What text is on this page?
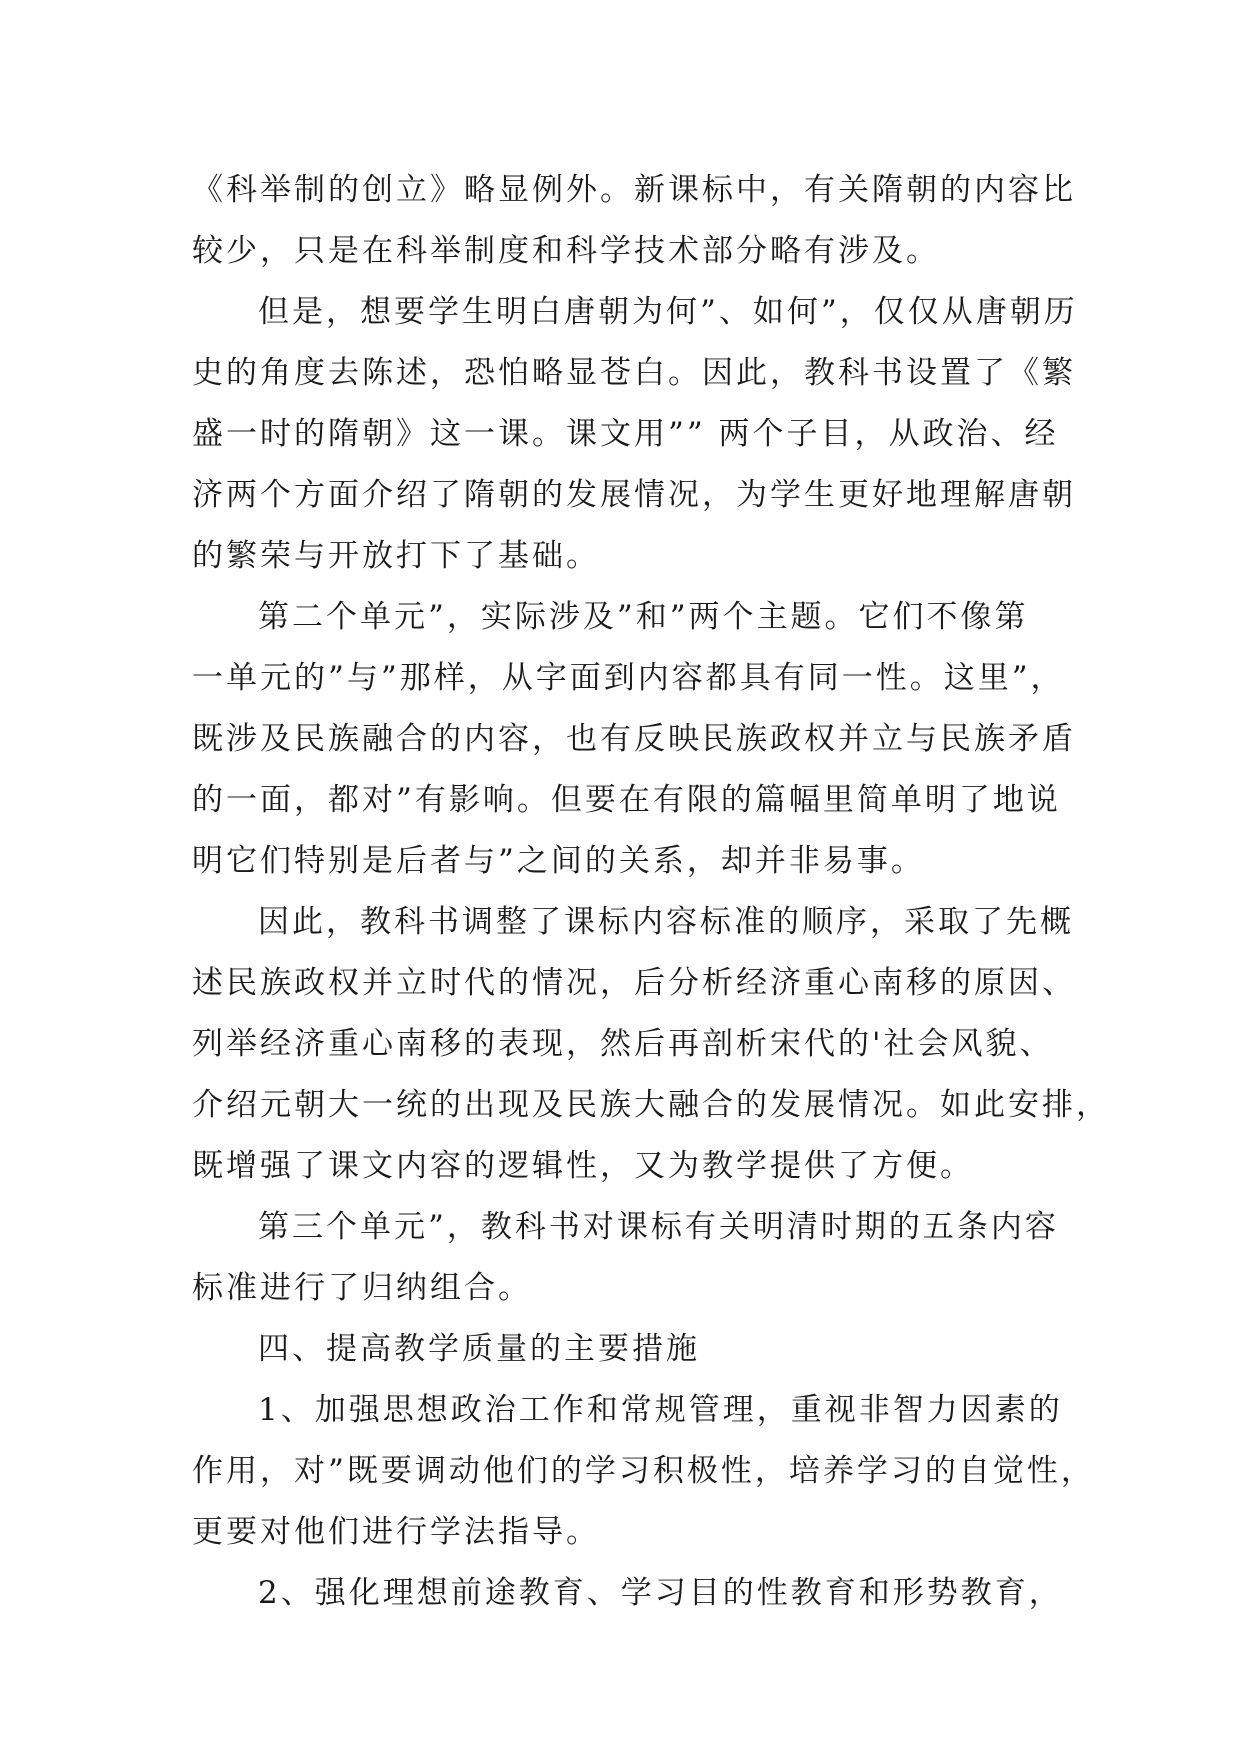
《科举制的创立》略显例外。新课标中，有关隋朝的内容比
较少，只是在科举制度和科学技术部分略有涉及。
但是，想要学生明白唐朝为何”、如何”，仅仅从唐朝历
史的角度去陈述，恐怕略显苍白。因此，教科书设置了《繁
盛一时的隋朝》这一课。课文用”” 两个子目，从政治、经
济两个方面介绍了隋朝的发展情况，为学生更好地理解唐朝
的繁荣与开放打下了基础。
第二个单元”，实际涉及”和”两个主题。它们不像第
一单元的”与”那样，从字面到内容都具有同一性。这里”，
既涉及民族融合的内容，也有反映民族政权并立与民族矛盾
的一面，都对”有影响。但要在有限的篇幅里简单明了地说
明它们特别是后者与”之间的关系，却并非易事。
因此，教科书调整了课标内容标准的顺序，采取了先概
述民族政权并立时代的情况，后分析经济重心南移的原因、
列举经济重心南移的表现，然后再剖析宋代的'社会风貌、
介绍元朝大一统的出现及民族大融合的发展情况。如此安排，
既增强了课文内容的逻辑性，又为教学提供了方便。
第三个单元”，教科书对课标有关明清时期的五条内容
标准进行了归纳组合。
四、提高教学质量的主要措施
1、加强思想政治工作和常规管理，重视非智力因素的
作用，对”既要调动他们的学习积极性，培养学习的自觉性，
更要对他们进行学法指导。
2、强化理想前途教育、学习目的性教育和形势教育，
